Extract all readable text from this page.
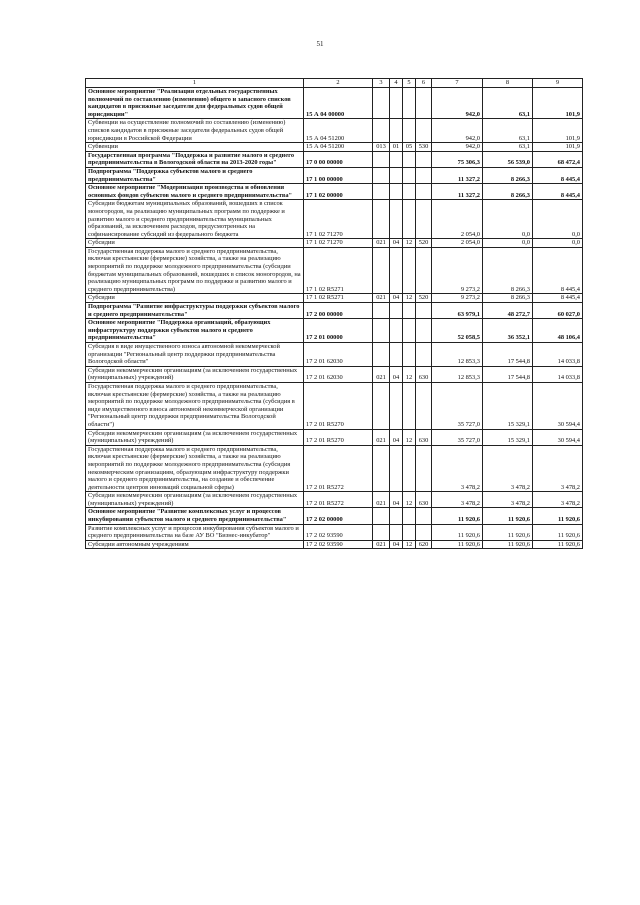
51
1	2	3	4	5	6	7	8	9
Основное мероприятие "Реализация отдельных государственных полномочий по составлению (изменению) общего и запасного списков кандидатов в присяжные заседатели для федеральных судов общей юрисдикции"	15 А 04 00000					942,0	63,1	101,9
Субвенции на осуществление полномочий по составлению (изменению) списков кандидатов в присяжные заседатели федеральных судов общей юрисдикции в Российской Федерации	15 А 04 51200					942,0	63,1	101,9
Субвенции	15 А 04 51200	013	01	05	530	942,0	63,1	101,9
Государственная программа "Поддержка и развитие малого и среднего предпринимательства в Вологодской области на 2013-2020 годы"	17 0 00 00000					75 306,3	56 539,0	68 472,4
Подпрограмма "Поддержка субъектов малого и среднего предпринимательства"	17 1 00 00000					11 327,2	8 266,3	8 445,4
Основное мероприятие "Модернизация производства и обновления основных фондов субъектов малого и среднего предпринимательства"	17 1 02 00000					11 327,2	8 266,3	8 445,4
Субсидии бюджетам муниципальных образований, вошедших в список моногородов, на реализацию муниципальных программ по поддержке и развитию малого и среднего предпринимательства муниципальных образований, за исключением расходов, предусмотренных на софинансирование субсидий из федерального бюджета	17 1 02 71270					2 054,0	0,0	0,0
Субсидии	17 1 02 71270	021	04	12	520	2 054,0	0,0	0,0
Государственная поддержка малого и среднего предпринимательства, включая крестьянские (фермерские) хозяйства, а также на реализацию мероприятий по поддержке молодежного предпринимательства (субсидии бюджетам муниципальных образований, вошедших в список моногородов, на реализацию муниципальных программ по поддержке и развитию малого и среднего предпринимательства)	17 1 02 R5271					9 273,2	8 266,3	8 445,4
Субсидии	17 1 02 R5271	021	04	12	520	9 273,2	8 266,3	8 445,4
Подпрограмма "Развитие инфраструктуры поддержки субъектов малого и среднего предпринимательства"	17 2 00 00000					63 979,1	48 272,7	60 027,0
Основное мероприятие "Поддержка организаций, образующих инфраструктуру поддержки субъектов малого и среднего предпринимательства"	17 2 01 00000					52 058,5	36 352,1	48 106,4
Субсидия в виде имущественного взноса автономной некоммерческой организации "Региональный центр поддержки предпринимательства Вологодской области"	17 2 01 62030					12 853,3	17 544,8	14 033,8
Субсидии некоммерческим организациям (за исключением государственных (муниципальных) учреждений)	17 2 01 62030	021	04	12	630	12 853,3	17 544,8	14 033,8
Государственная поддержка малого и среднего предпринимательства, включая крестьянские (фермерские) хозяйства, а также на реализацию мероприятий по поддержке молодежного предпринимательства (субсидия в виде имущественного взноса автономной некоммерческой организации "Региональный центр поддержки предпринимательства Вологодской области")	17 2 01 R5270					35 727,0	15 329,1	30 594,4
Субсидии некоммерческим организациям (за исключением государственных (муниципальных) учреждений)	17 2 01 R5270	021	04	12	630	35 727,0	15 329,1	30 594,4
Государственная поддержка малого и среднего предпринимательства, включая крестьянские (фермерские) хозяйства, а также на реализацию мероприятий по поддержке молодежного предпринимательства (субсидия некоммерческим организациям, образующим инфраструктуру поддержки малого и среднего предпринимательства, на создание и обеспечение деятельности центров инноваций социальной сферы)	17 2 01 R5272					3 478,2	3 478,2	3 478,2
Субсидии некоммерческим организациям (за исключением государственных (муниципальных) учреждений)	17 2 01 R5272	021	04	12	630	3 478,2	3 478,2	3 478,2
Основное мероприятие "Развитие комплексных услуг и процессов инкубирования субъектов малого и среднего предпринимательства"	17 2 02 00000					11 920,6	11 920,6	11 920,6
Развитие комплексных услуг и процессов инкубирования субъектов малого и среднего предпринимательства на базе АУ ВО "Бизнес-инкубатор"	17 2 02 93590					11 920,6	11 920,6	11 920,6
Субсидии автономным учреждениям	17 2 02 93590	021	04	12	620	11 920,6	11 920,6	11 920,6
